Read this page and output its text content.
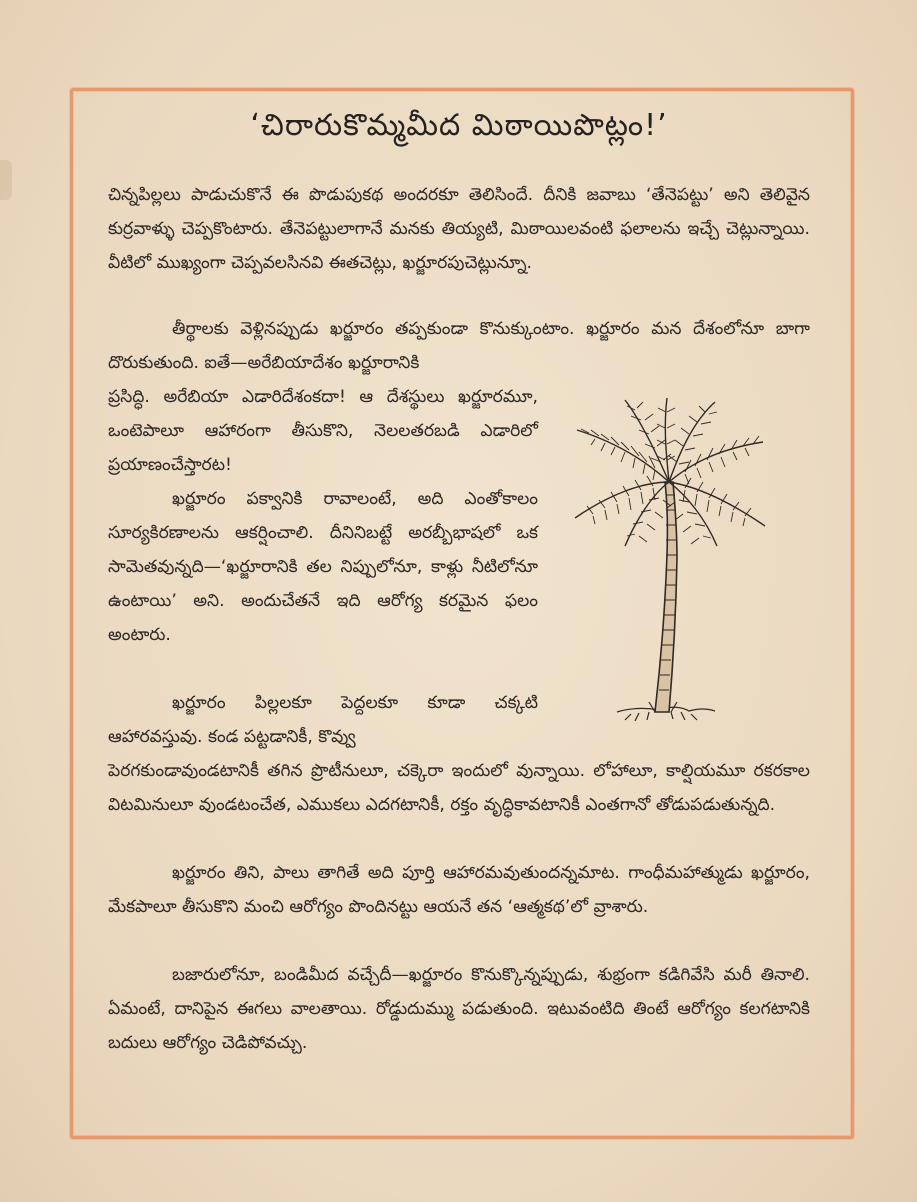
‘చిరారుకొమ్మమీద మిఠాయిపొట్లం!’

చిన్నపిల్లలు పాడుచుకొనే ఈ పొడుపుకథ అందరకూ తెలిసిందే. దీనికి జవాబు ‘తేనెపట్టు’ అని తెలివైన కుర్రవాళ్ళు చెప్పకొంటారు. తేనెపట్టులాగానే మనకు తియ్యటి, మిఠాయిలవంటి ఫలాలను ఇచ్చే చెట్లున్నాయి. వీటిలో ముఖ్యంగా చెప్పవలసినవి ఈతచెట్లు, ఖర్జూరపుచెట్లున్నూ.

తీర్థాలకు వెళ్లినప్పుడు ఖర్జూరం తప్పకుండా కొనుక్కుంటాం. ఖర్జూరం మన దేశంలోనూ బాగా దొరుకుతుంది. ఐతే—అరేబియాదేశం ఖర్జూరానికి

ప్రసిద్ధి. అరేబియా ఎడారిదేశంకదా! ఆ దేశస్థులు ఖర్జూరమూ, ఒంటెపాలూ ఆహారంగా తీసుకొని, నెలలతరబడి ఎడారిలో ప్రయాణంచేస్తారట!

ఖర్జూరం పక్వానికి రావాలంటే, అది ఎంతోకాలం సూర్యకిరణాలను ఆకర్షించాలి. దీనినిబట్టే అరబ్బీభాషలో ఒక సామెతవున్నది—‘ఖర్జూరానికి తల నిప్పులోనూ, కాళ్లు నీటిలోనూ ఉంటాయి’ అని. అందుచేతనే ఇది ఆరోగ్య కరమైన ఫలం అంటారు.

ఖర్జూరం పిల్లలకూ పెద్దలకూ కూడా చక్కటి ఆహారవస్తువు. కండ పట్టడానికీ, కొవ్వు

పెరగకుండావుండటానికీ తగిన ప్రొటీనులూ, చక్కెరా ఇందులో వున్నాయి. లోహాలూ, కాల్షియమూ రకరకాల విటమినులూ వుండటంచేత, ఎముకలు ఎదగటానికీ, రక్తం వృద్ధికావటానికీ ఎంతగానో తోడుపడుతున్నది.

ఖర్జూరం తిని, పాలు తాగితే అది పూర్తి ఆహారమవుతుందన్నమాట. గాంధీమహాత్ముడు ఖర్జూరం, మేకపాలూ తీసుకొని మంచి ఆరోగ్యం పొందినట్టు ఆయనే తన ‘ఆత్మకథ’లో వ్రాశారు.

బజారులోనూ, బండిమీద వచ్చేదీ—ఖర్జూరం కొనుక్కొన్నప్పుడు, శుభ్రంగా కడిగివేసి మరీ తినాలి. ఏమంటే, దానిపైన ఈగలు వాలతాయి. రోడ్డుదుమ్ము పడుతుంది. ఇటువంటిది తింటే ఆరోగ్యం కలగటానికి బదులు ఆరోగ్యం చెడిపోవచ్చు.
